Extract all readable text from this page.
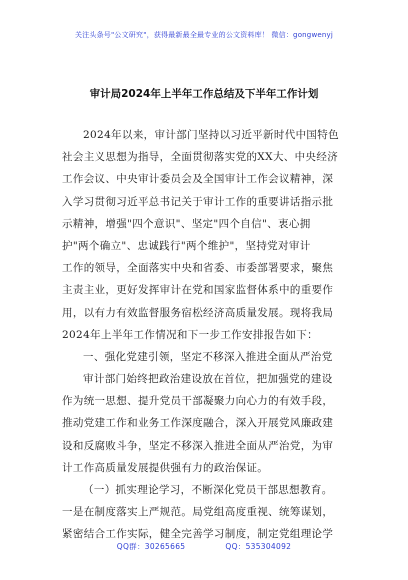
关注头条号"公文研究"，获得最新最全最专业的公文资料库！ 微信：gongwenyj
审计局2024年上半年工作总结及下半年工作计划
2024年以来，审计部门坚持以习近平新时代中国特色
社会主义思想为指导，全面贯彻落实党的XX大、中央经济
工作会议、中央审计委员会及全国审计工作会议精神，深
入学习贯彻习近平总书记关于审计工作的重要讲话指示批
示精神，增强"四个意识"、坚定"四个自信"、衷心拥
护"两个确立"、忠诚践行"两个维护"，坚持党对审计
工作的领导，全面落实中央和省委、市委部署要求，聚焦
主责主业，更好发挥审计在党和国家监督体系中的重要作
用，以有力有效监督服务宿松经济高质量发展。现将我局
2024年上半年工作情况和下一步工作安排报告如下：
一、强化党建引领，坚定不移深入推进全面从严治党
审计部门始终把政治建设放在首位，把加强党的建设
作为统一思想、提升党员干部凝聚力向心力的有效手段，
推动党建工作和业务工作深度融合，深入开展党风廉政建
设和反腐败斗争，坚定不移深入推进全面从严治党，为审
计工作高质量发展提供强有力的政治保证。
（一）抓实理论学习，不断深化党员干部思想教育。
一是在制度落实上严规范。局党组高度重视、统筹谋划，
紧密结合工作实际，健全完善学习制度，制定党组理论学
QQ群：30265665	QQ：535304092
